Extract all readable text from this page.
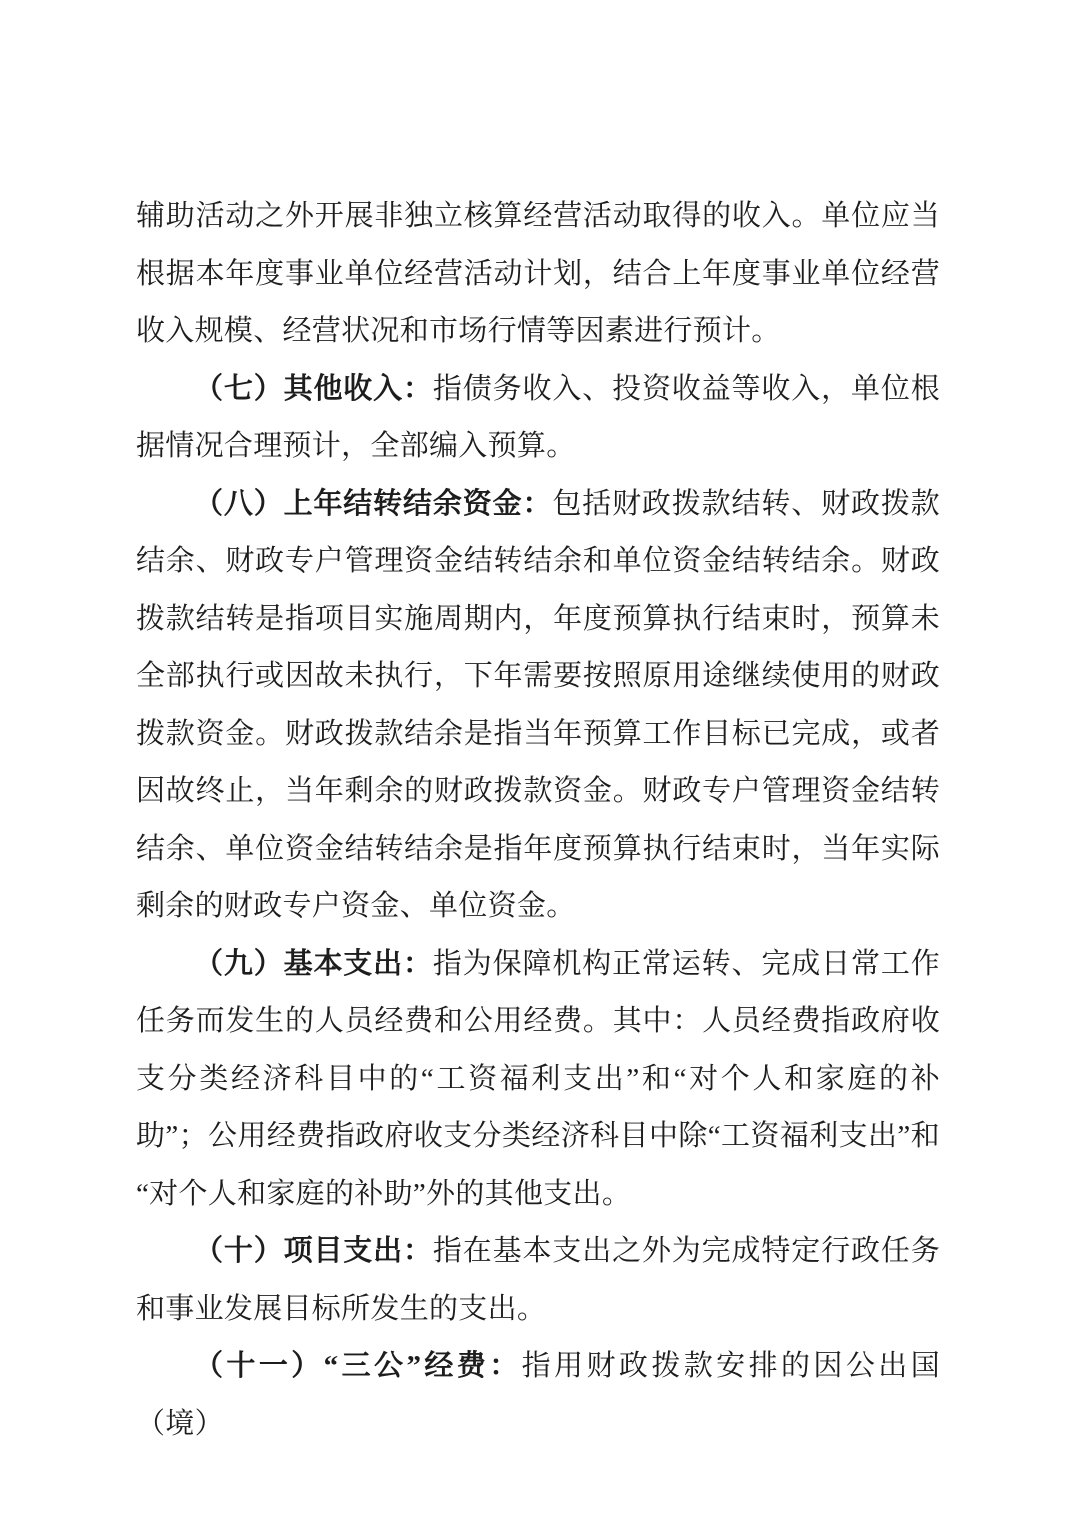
辅助活动之外开展非独立核算经营活动取得的收入。单位应当根据本年度事业单位经营活动计划，结合上年度事业单位经营收入规模、经营状况和市场行情等因素进行预计。

（七）其他收入：指债务收入、投资收益等收入，单位根据情况合理预计，全部编入预算。

（八）上年结转结余资金：包括财政拨款结转、财政拨款结余、财政专户管理资金结转结余和单位资金结转结余。财政拨款结转是指项目实施周期内，年度预算执行结束时，预算未全部执行或因故未执行，下年需要按照原用途继续使用的财政拨款资金。财政拨款结余是指当年预算工作目标已完成，或者因故终止，当年剩余的财政拨款资金。财政专户管理资金结转结余、单位资金结转结余是指年度预算执行结束时，当年实际剩余的财政专户资金、单位资金。

（九）基本支出：指为保障机构正常运转、完成日常工作任务而发生的人员经费和公用经费。其中：人员经费指政府收支分类经济科目中的“工资福利支出”和“对个人和家庭的补助”；公用经费指政府收支分类经济科目中除“工资福利支出”和“对个人和家庭的补助”外的其他支出。

（十）项目支出：指在基本支出之外为完成特定行政任务和事业发展目标所发生的支出。

（十一）“三公”经费：指用财政拨款安排的因公出国（境）
